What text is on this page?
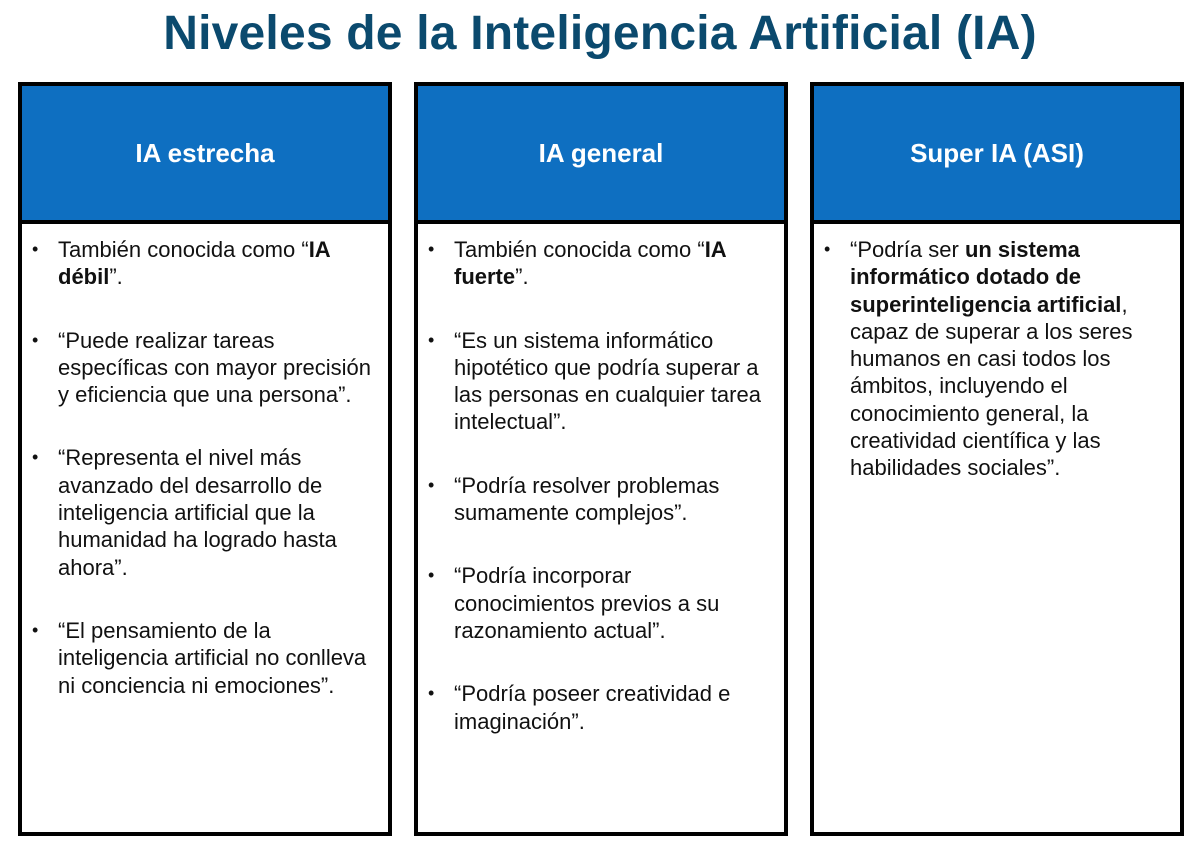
Niveles de la Inteligencia Artificial (IA)
IA estrecha
• También conocida como “IA débil”.
• “Puede realizar tareas específicas con mayor precisión y eficiencia que una persona”.
• “Representa el nivel más avanzado del desarrollo de inteligencia artificial que la humanidad ha logrado hasta ahora”.
• “El pensamiento de la inteligencia artificial no conlleva ni conciencia ni emociones”.
IA general
• También conocida como “IA fuerte”.
• “Es un sistema informático hipotético que podría superar a las personas en cualquier tarea intelectual”.
• “Podría resolver problemas sumamente complejos”.
• “Podría incorporar conocimientos previos a su razonamiento actual”.
• “Podría poseer creatividad e imaginación”.
Super IA (ASI)
• “Podría ser un sistema informático dotado de superinteligencia artificial, capaz de superar a los seres humanos en casi todos los ámbitos, incluyendo el conocimiento general, la creatividad científica y las habilidades sociales”.
